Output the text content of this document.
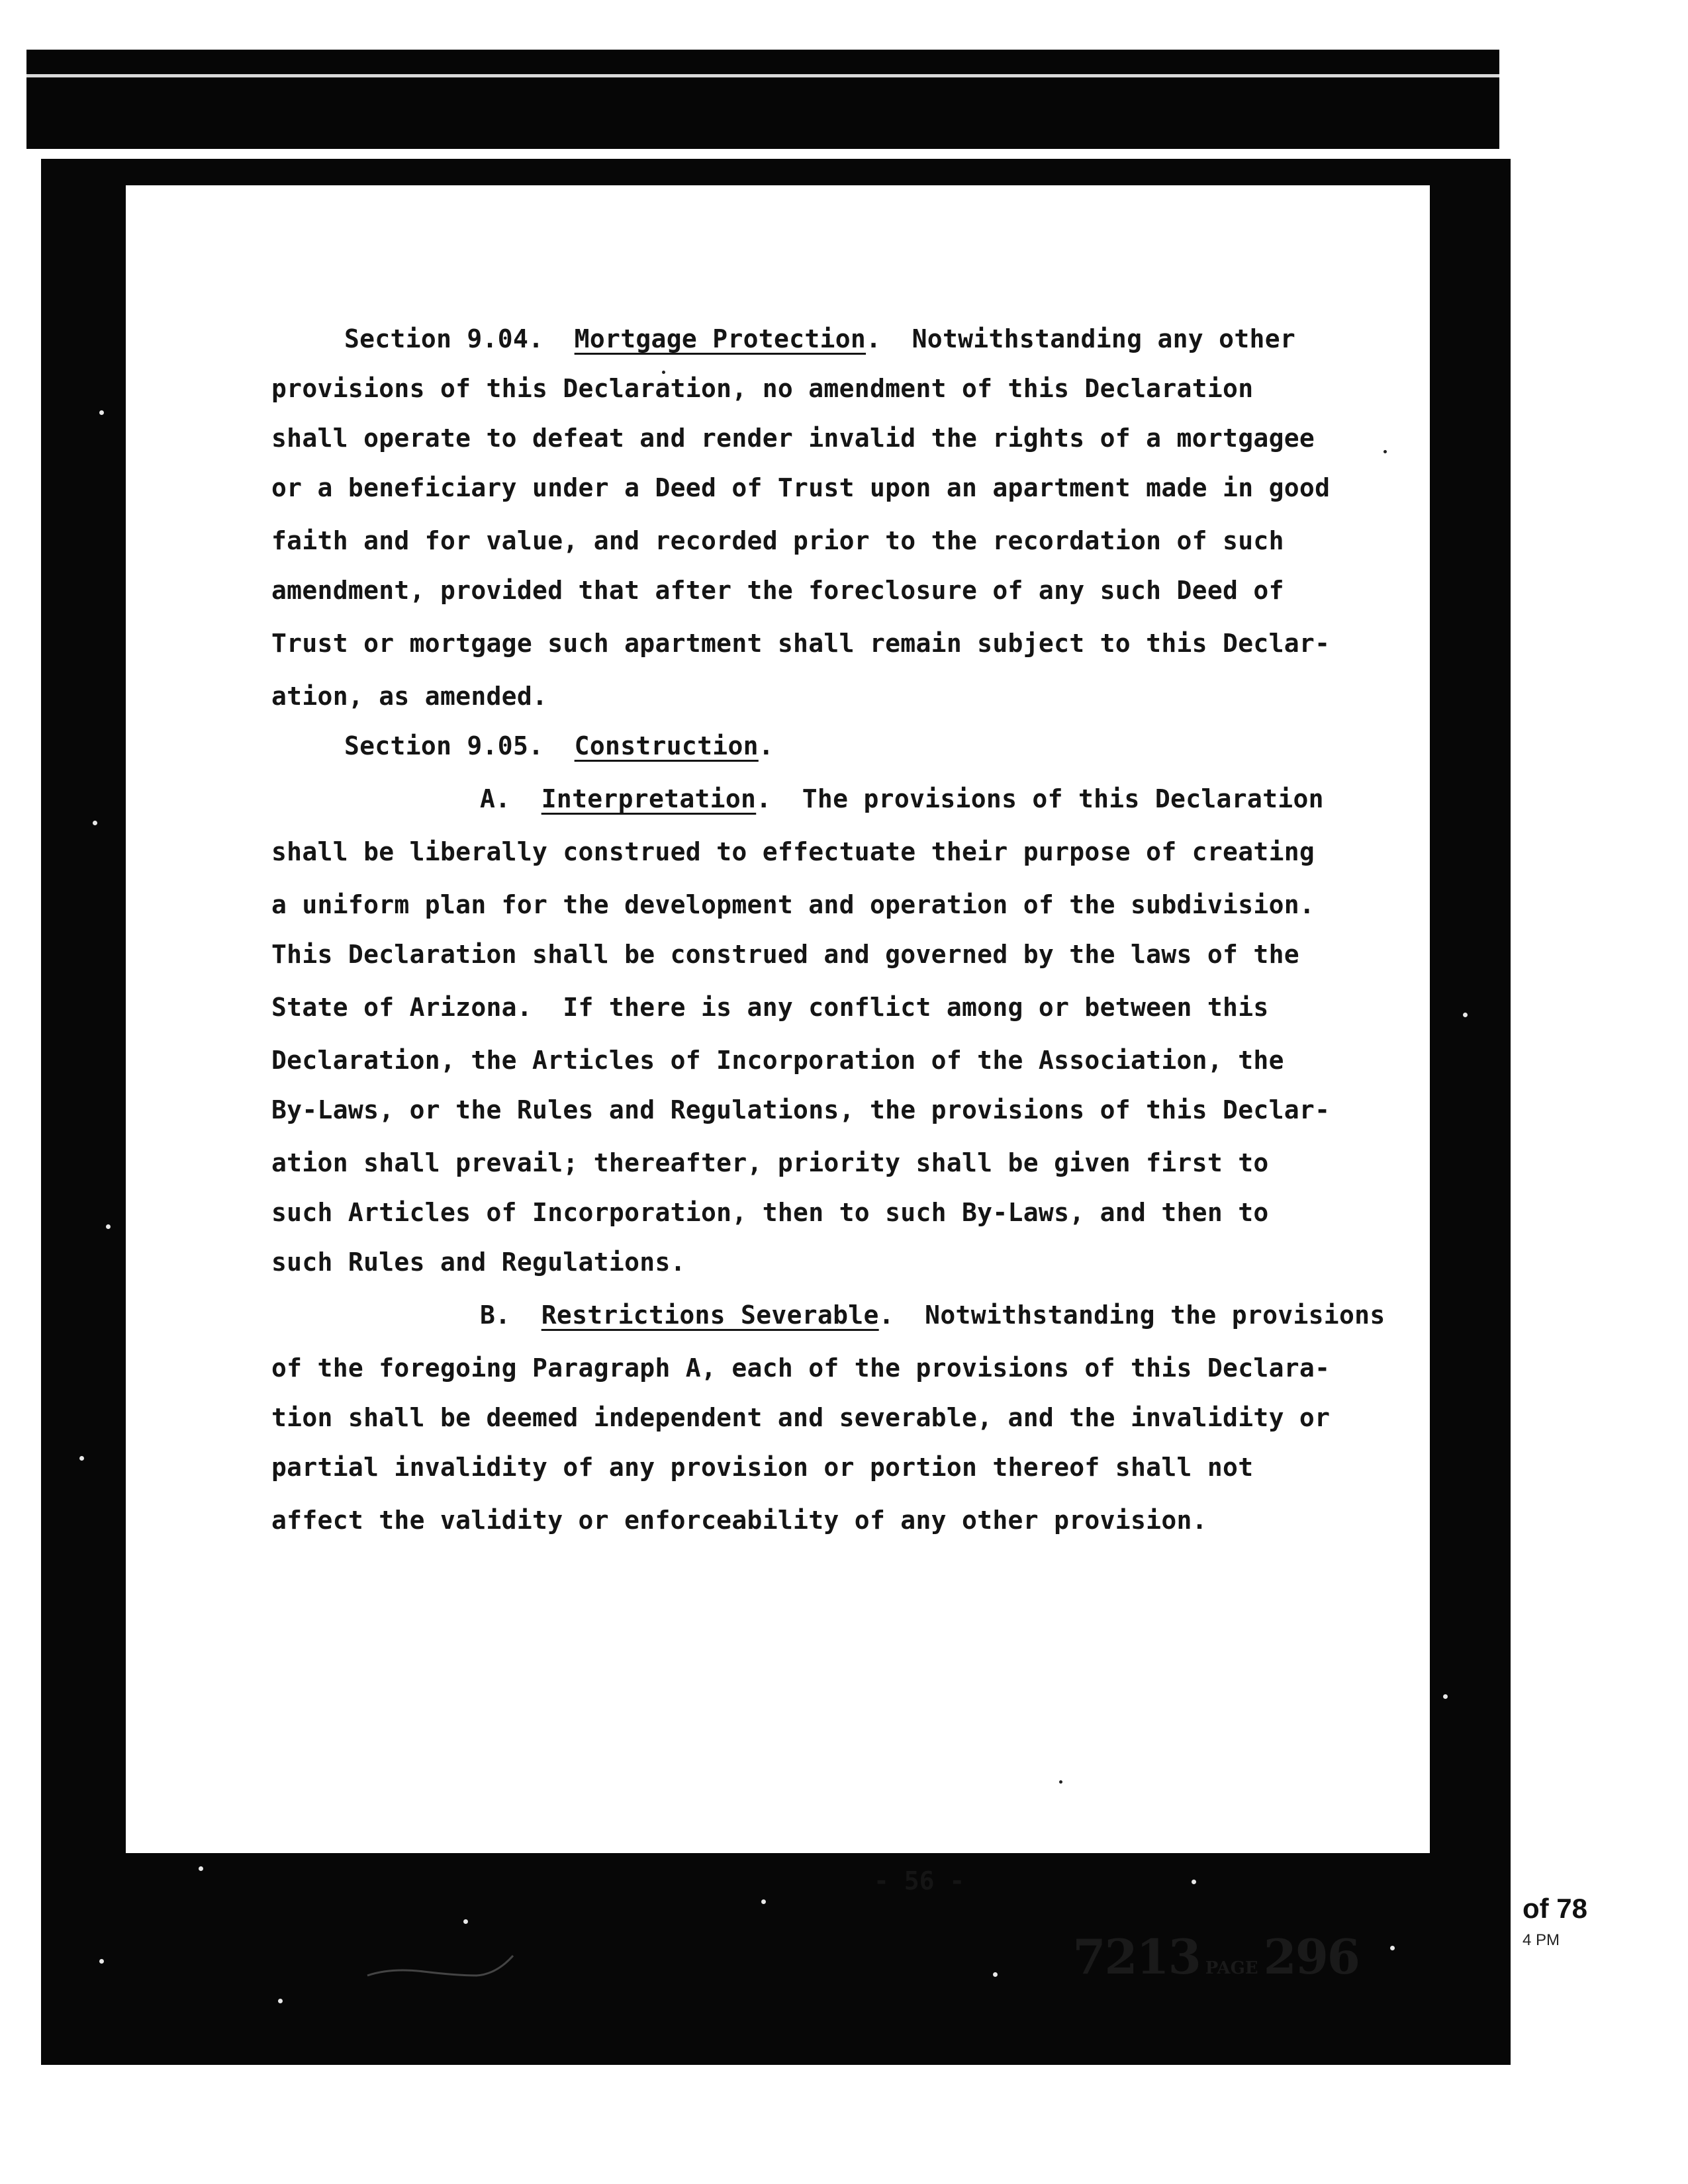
Section 9.04.  Mortgage Protection.  Notwithstanding any other

provisions of this Declaration, no amendment of this Declaration

shall operate to defeat and render invalid the rights of a mortgagee

or a beneficiary under a Deed of Trust upon an apartment made in good

faith and for value, and recorded prior to the recordation of such

amendment, provided that after the foreclosure of any such Deed of

Trust or mortgage such apartment shall remain subject to this Declar-

ation, as amended.

Section 9.05.  Construction.

A.  Interpretation.  The provisions of this Declaration

shall be liberally construed to effectuate their purpose of creating

a uniform plan for the development and operation of the subdivision.

This Declaration shall be construed and governed by the laws of the

State of Arizona.  If there is any conflict among or between this

Declaration, the Articles of Incorporation of the Association, the

By-Laws, or the Rules and Regulations, the provisions of this Declar-

ation shall prevail; thereafter, priority shall be given first to

such Articles of Incorporation, then to such By-Laws, and then to

such Rules and Regulations.

B.  Restrictions Severable.  Notwithstanding the provisions

of the foregoing Paragraph A, each of the provisions of this Declara-

tion shall be deemed independent and severable, and the invalidity or

partial invalidity of any provision or portion thereof shall not

affect the validity or enforceability of any other provision.

- 56 -

7213 PAGE 296

of 78
4 PM
